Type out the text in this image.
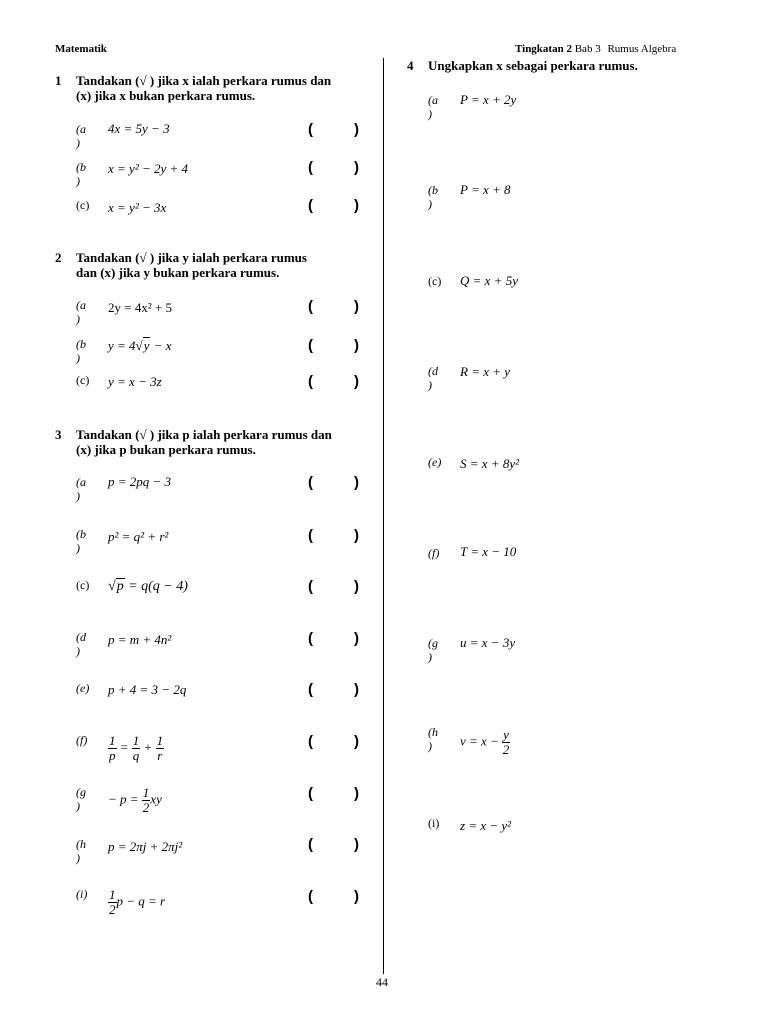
Matematik	Tingkatan 2 Bab 3 Rumus Algebra
1 Tandakan (√ ) jika x ialah perkara rumus dan
(x) jika x bukan perkara rumus.
(a
)
4x = 5y − 3	(	)
(b
)
x = y² − 2y + 4	(	)
(c) x = y² − 3x	(	)
2 Tandakan (√ ) jika y ialah perkara rumus
dan (x) jika y bukan perkara rumus.
(a
)
2y = 4x² + 5	(	)
(b
)
y = 4√y − x	(	)
(c) y = x − 3z	(	)
3 Tandakan (√ ) jika p ialah perkara rumus dan
(x) jika p bukan perkara rumus.
(a
)
p = 2pq − 3	(	)
(b
)
p² = q² + r²	(	)
(c) √p = q(q − 4)	(	)
(d
)
p = m + 4n²	(	)
(e) p + 4 = 3 − 2q	(	)
$(f) \frac{1}{p} = \frac{1}{q} + \frac{1}{r}$	(	)
(g
)	− $p = \frac{1}{2}$ xy	(	)
(h
)
p = 2πj + 2πj²	(	)
$(i) \frac{1}{2}$ p − q = r	(	)
4 Ungkapkan x sebagai perkara rumus.
(a
)
P = x + 2y
(b
)
P = x + 8
(c) Q = x + 5y
(d
)
R = x + y
(e) S = x + 8y²
(f) T = x − 10
(g
)
u = x − 3y
(h
)	$v = x - \frac{y}{2}$
(i) z = x − y²
44
